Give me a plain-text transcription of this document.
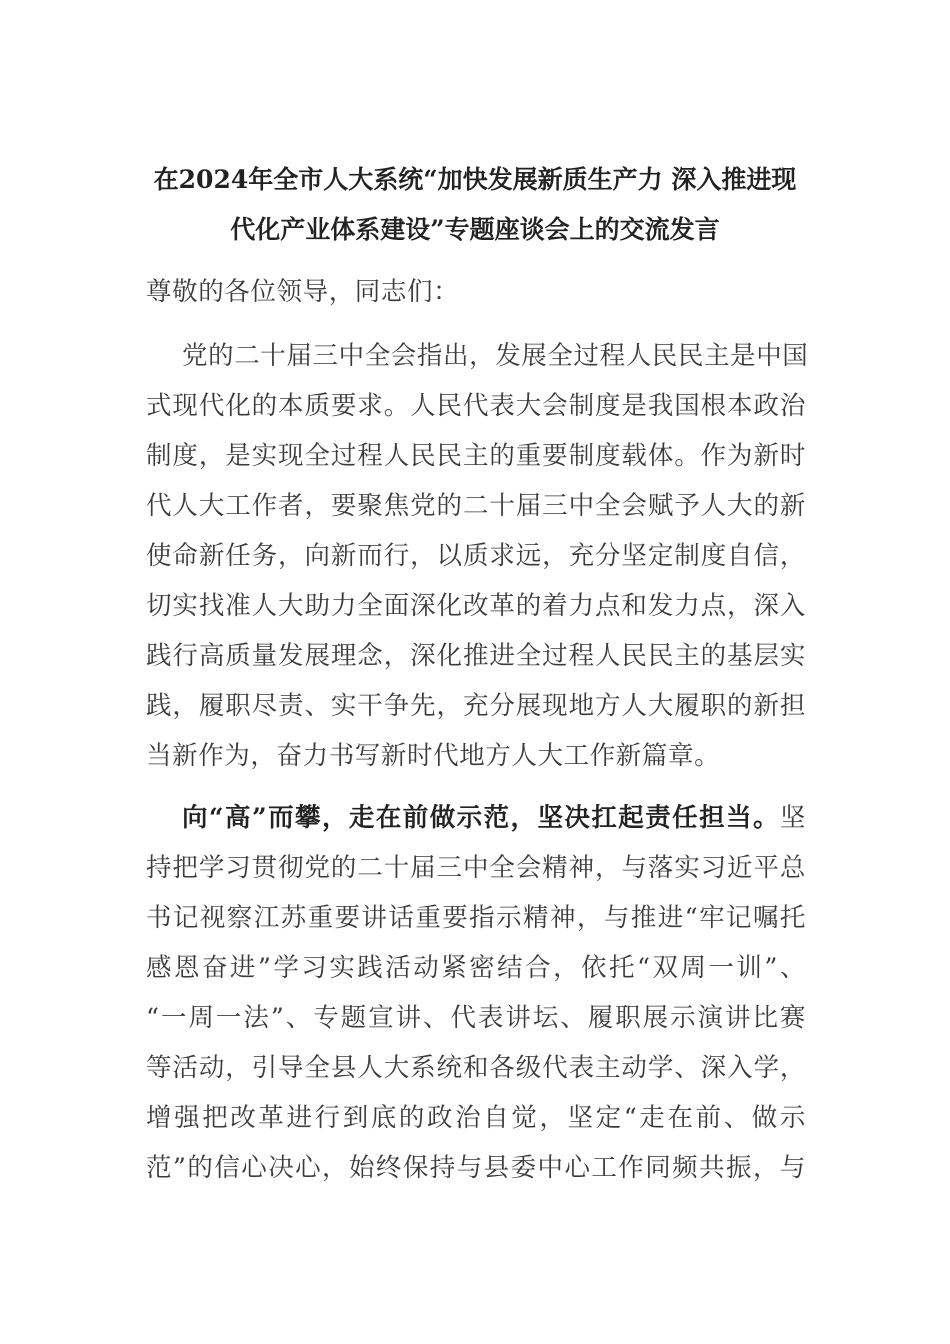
在2024年全市人大系统“加快发展新质生产力 深入推进现
代化产业体系建设”专题座谈会上的交流发言
尊敬的各位领导，同志们：
党的二十届三中全会指出，发展全过程人民民主是中国
式现代化的本质要求。人民代表大会制度是我国根本政治
制度，是实现全过程人民民主的重要制度载体。作为新时
代人大工作者，要聚焦党的二十届三中全会赋予人大的新
使命新任务，向新而行，以质求远，充分坚定制度自信，
切实找准人大助力全面深化改革的着力点和发力点，深入
践行高质量发展理念，深化推进全过程人民民主的基层实
践，履职尽责、实干争先，充分展现地方人大履职的新担
当新作为，奋力书写新时代地方人大工作新篇章。
向“高”而攀，走在前做示范，坚决扛起责任担当。坚
持把学习贯彻党的二十届三中全会精神，与落实习近平总
书记视察江苏重要讲话重要指示精神，与推进“牢记嘱托
感恩奋进”学习实践活动紧密结合，依托“双周一训”、
“一周一法”、专题宣讲、代表讲坛、履职展示演讲比赛
等活动，引导全县人大系统和各级代表主动学、深入学，
增强把改革进行到底的政治自觉，坚定“走在前、做示
范”的信心决心，始终保持与县委中心工作同频共振，与
